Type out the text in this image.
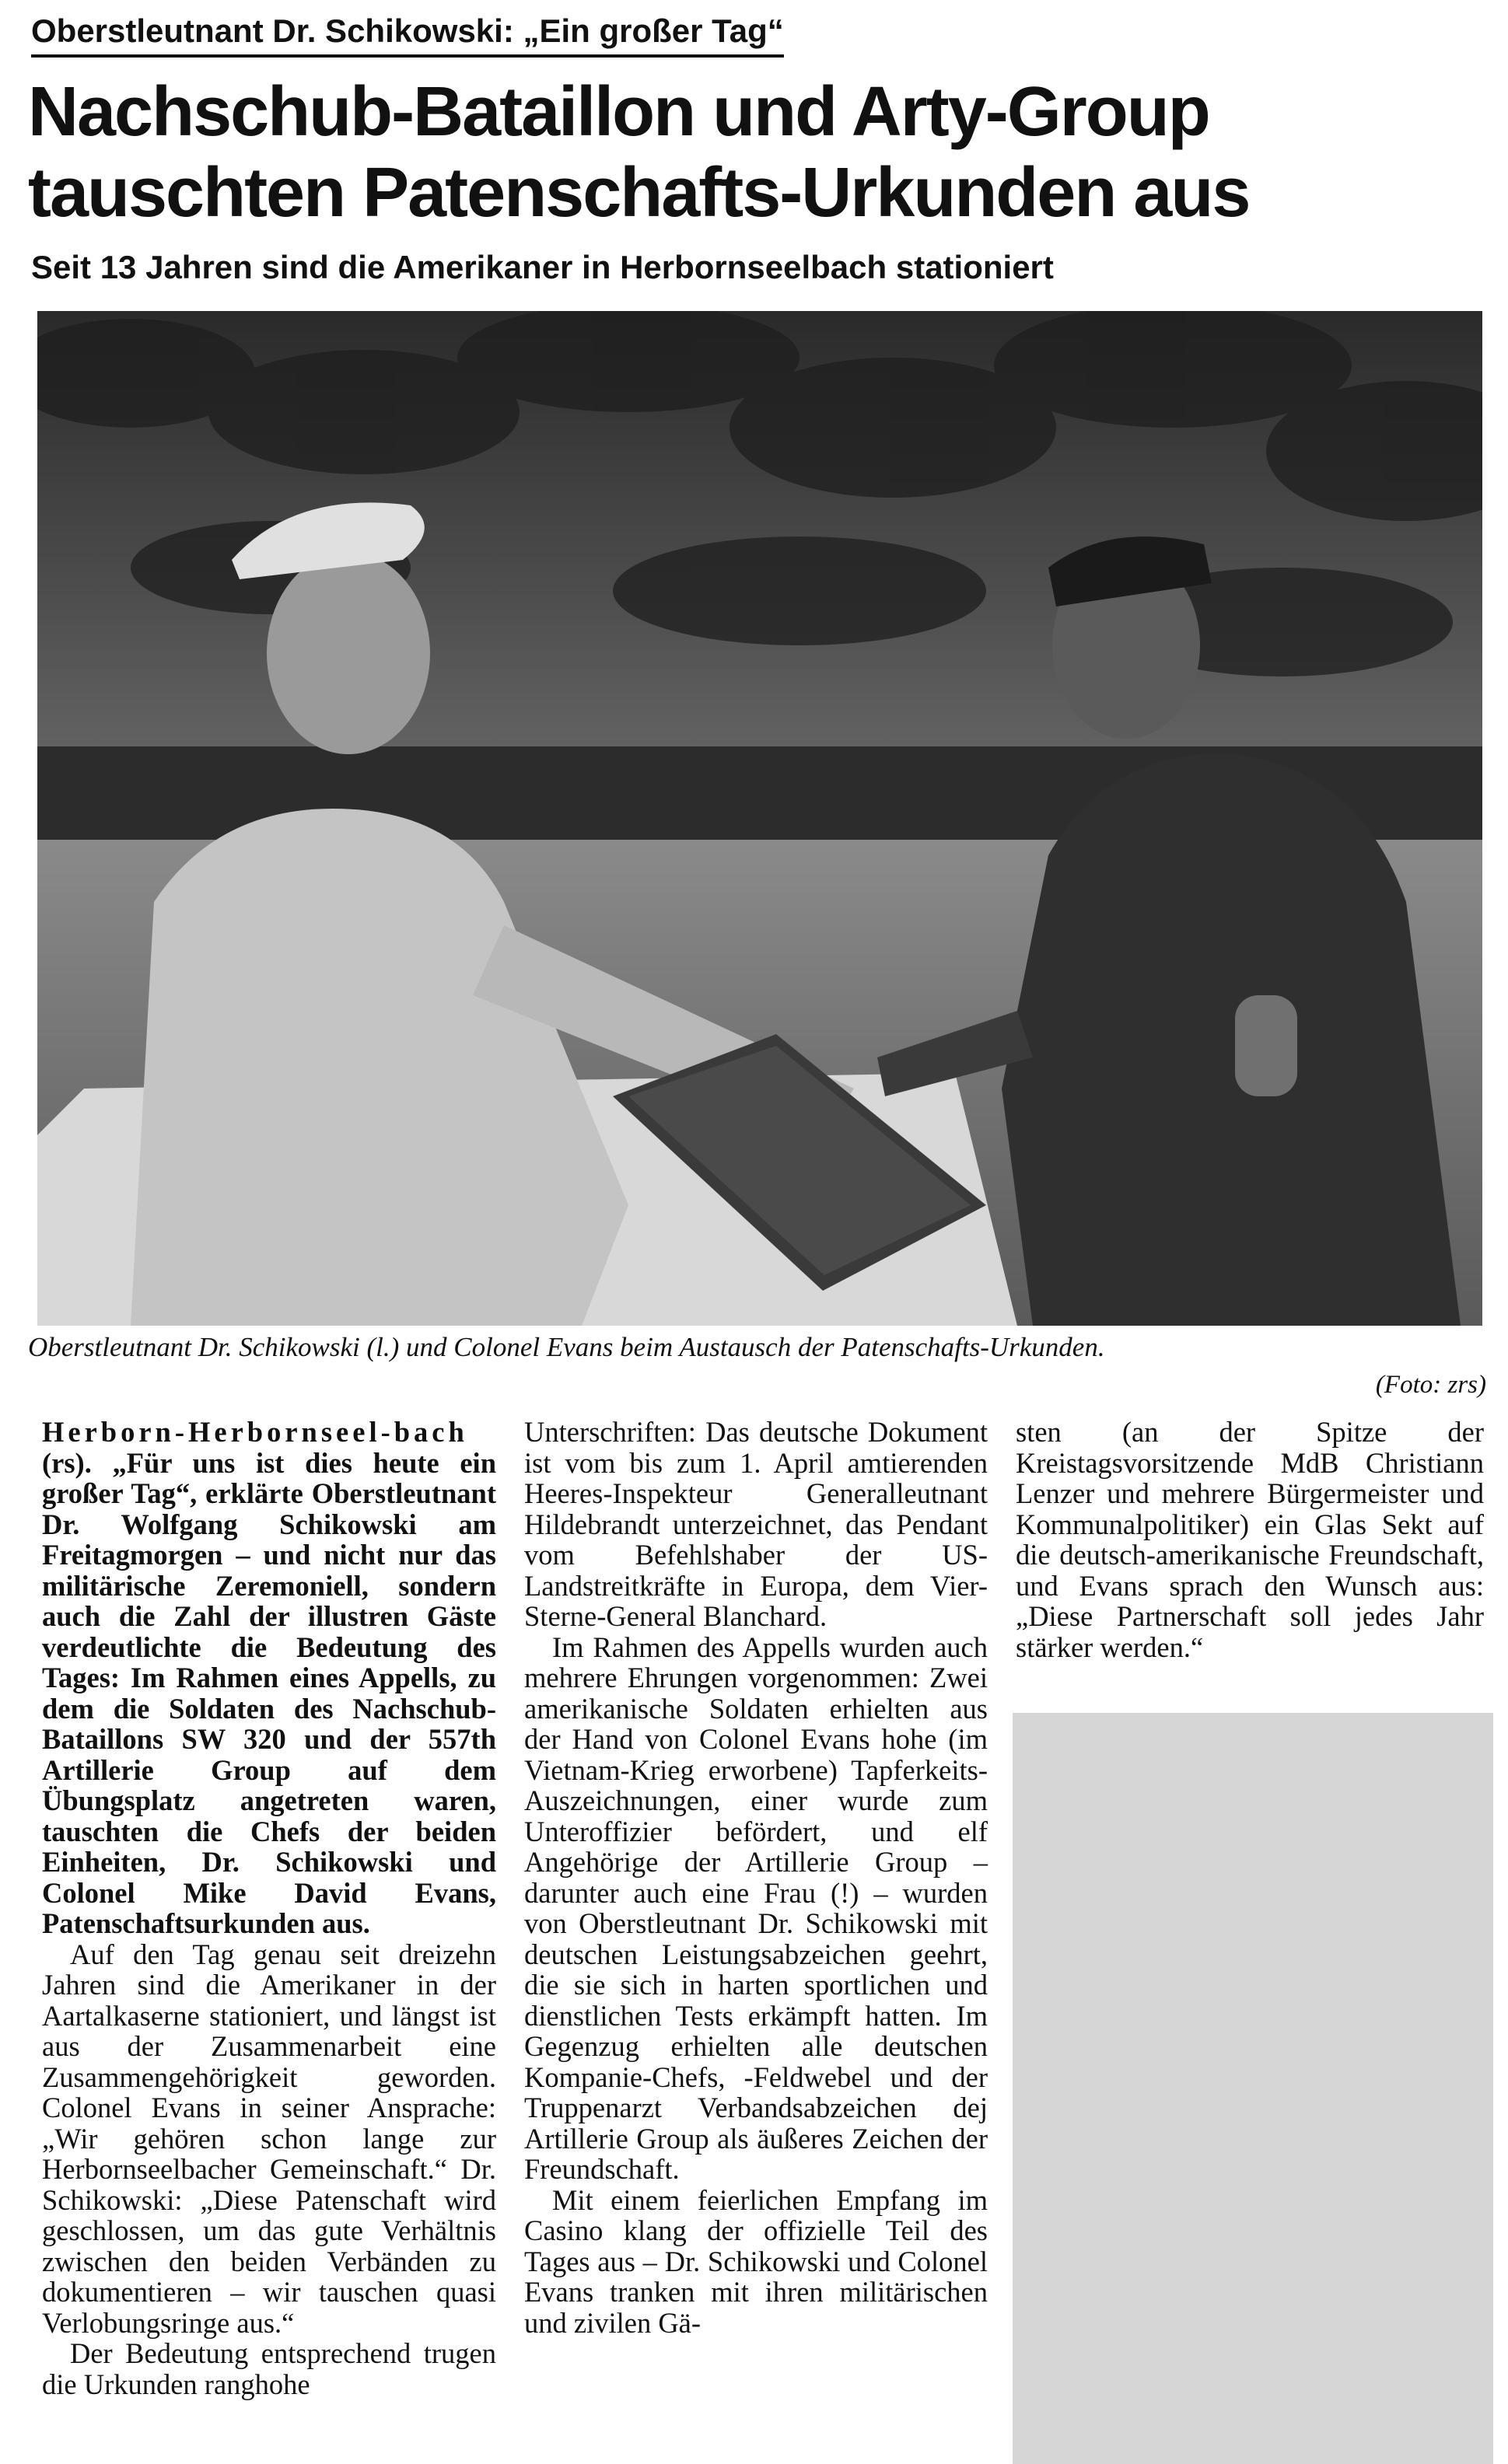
Oberstleutnant Dr. Schikowski: „Ein großer Tag“
Nachschub-Bataillon und Arty-Group
tauschten Patenschafts-Urkunden aus
Seit 13 Jahren sind die Amerikaner in Herbornseelbach stationiert

Oberstleutnant Dr. Schikowski (l.) und Colonel Evans beim Austausch der Patenschafts-Urkunden.

(Foto: zrs)

Herborn-Herbornseel-bach (rs). „Für uns ist dies heute ein großer Tag“, erklärte Oberstleutnant Dr. Wolfgang Schikowski am Freitagmorgen – und nicht nur das militärische Zeremoniell, sondern auch die Zahl der illustren Gäste verdeutlichte die Bedeutung des Tages: Im Rahmen eines Appells, zu dem die Soldaten des Nachschub-Bataillons SW 320 und der 557th Artillerie Group auf dem Übungsplatz angetreten waren, tauschten die Chefs der beiden Einheiten, Dr. Schikowski und Colonel Mike David Evans, Patenschaftsurkunden aus.

Auf den Tag genau seit dreizehn Jahren sind die Amerikaner in der Aartalkaserne stationiert, und längst ist aus der Zusammenarbeit eine Zusammengehörigkeit geworden. Colonel Evans in seiner Ansprache: „Wir gehören schon lange zur Herbornseelbacher Gemeinschaft.“ Dr. Schikowski: „Diese Patenschaft wird geschlossen, um das gute Verhältnis zwischen den beiden Verbänden zu dokumentieren – wir tauschen quasi Verlobungsringe aus.“

Der Bedeutung entsprechend trugen die Urkunden ranghohe

Unterschriften: Das deutsche Dokument ist vom bis zum 1. April amtierenden Heeres-Inspekteur Generalleutnant Hildebrandt unterzeichnet, das Pendant vom Befehlshaber der US-Landstreitkräfte in Europa, dem Vier-Sterne-General Blanchard.

Im Rahmen des Appells wurden auch mehrere Ehrungen vorgenommen: Zwei amerikanische Soldaten erhielten aus der Hand von Colonel Evans hohe (im Vietnam-Krieg erworbene) Tapferkeits-Auszeichnungen, einer wurde zum Unteroffizier befördert, und elf Angehörige der Artillerie Group – darunter auch eine Frau (!) – wurden von Oberstleutnant Dr. Schikowski mit deutschen Leistungsabzeichen geehrt, die sie sich in harten sportlichen und dienstlichen Tests erkämpft hatten. Im Gegenzug erhielten alle deutschen Kompanie-Chefs, -Feldwebel und der Truppenarzt Verbandsabzeichen dej Artillerie Group als äußeres Zeichen der Freundschaft.

Mit einem feierlichen Empfang im Casino klang der offizielle Teil des Tages aus – Dr. Schikowski und Colonel Evans tranken mit ihren militärischen und zivilen Gä-

sten (an der Spitze der Kreistagsvorsitzende MdB Christiann Lenzer und mehrere Bürgermeister und Kommunalpolitiker) ein Glas Sekt auf die deutsch-amerikanische Freundschaft, und Evans sprach den Wunsch aus: „Diese Partnerschaft soll jedes Jahr stärker werden.“
